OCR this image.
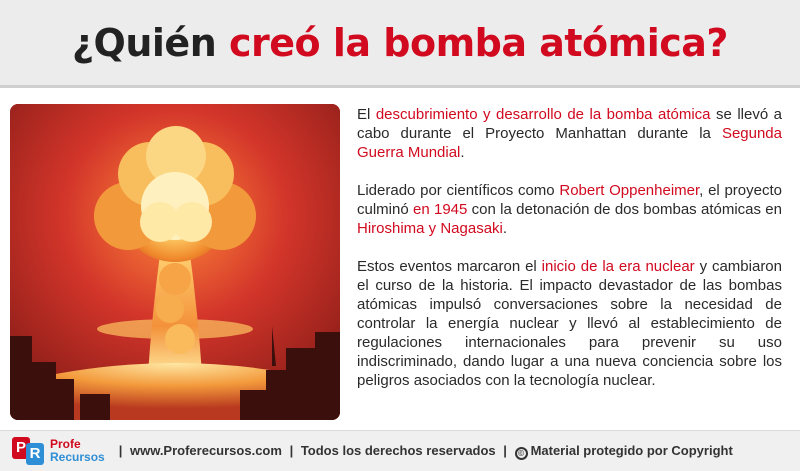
¿Quién creó la bomba atómica?

El descubrimiento y desarrollo de la bomba atómica se llevó a cabo durante el Proyecto Manhattan durante la Segunda Guerra Mundial.

Liderado por científicos como Robert Oppenheimer, el proyecto culminó en 1945 con la detonación de dos bombas atómicas en Hiroshima y Nagasaki.

Estos eventos marcaron el inicio de la era nuclear y cambiaron el curso de la historia. El impacto devastador de las bombas atómicas impulsó conversaciones sobre la necesidad de controlar la energía nuclear y llevó al establecimiento de regulaciones internacionales para prevenir su uso indiscriminado, dando lugar a una nueva conciencia sobre los peligros asociados con la tecnología nuclear.

P R
Profe
Recursos	| www.Proferecursos.com | Todos los derechos reservados | © Material protegido por Copyright
